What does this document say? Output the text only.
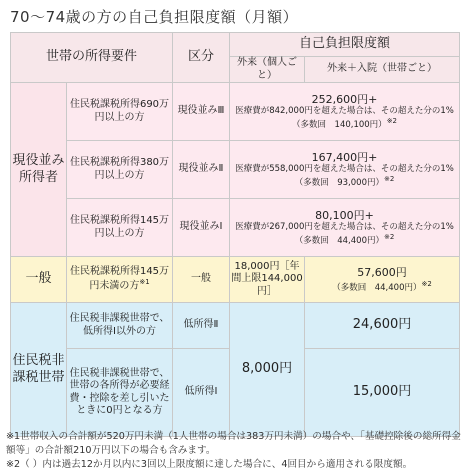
70〜74歳の方の自己負担限度額（月額）
世帯の所得要件		区分	自己負担限度額	
			外来（個人ごと）	外来＋入院（世帯ごと）
現役並み所得者	住民税課税所得690万円以上の方	現役並みⅢ	252,600円+
医療費が842,000円を超えた場合は、その超えた分の1%
（多数回　140,100円）$^{※2}$

	住民税課税所得380万円以上の方	現役並みⅡ	167,400円+
医療費が558,000円を超えた場合は、その超えた分の1%
（多数回　93,000円）$^{※2}$

	住民税課税所得145万円以上の方	現役並みⅠ	80,100円+
医療費が267,000円を超えた場合は、その超えた分の1%
（多数回　44,400円）$^{※2}$

一般	住民税課税所得145万円未満の方$^{※1}$	一般	18,000円［年間上限144,000円］	57,600円
（多数回　44,400円）$^{※2}$

住民税非課税世帯	住民税非課税世帯で、低所得Ⅰ以外の方	低所得Ⅱ	8,000円	24,600円
	住民税非課税世帯で、世帯の各所得が必要経費・控除を差し引いたときに0円となる方	低所得Ⅰ		15,000円
※1世帯収入の合計額が520万円未満（1人世帯の場合は383万円未満）の場合や、「基礎控除後の総所得金額等」の合計額210万円以下の場合も含みます。
※2（ ）内は過去12か月以内に3回以上限度額に達した場合に、4回目から適用される限度額。
